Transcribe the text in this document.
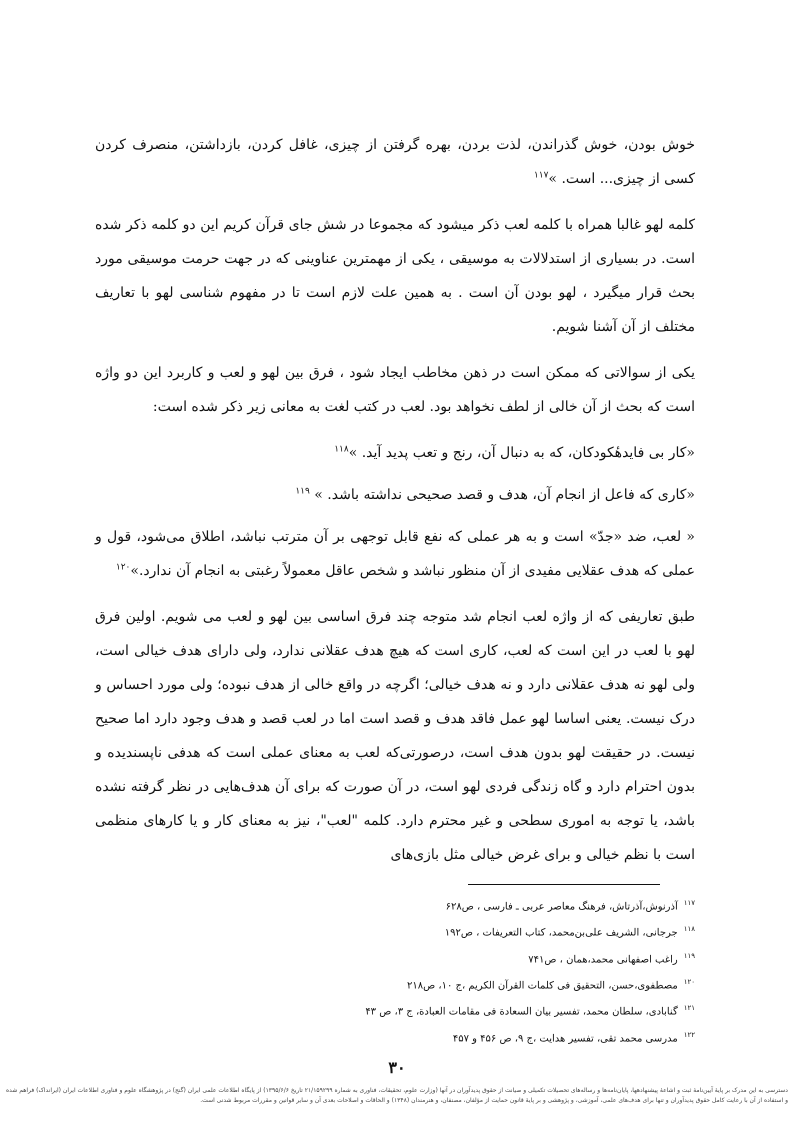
خوش بودن، خوش گذراندن، لذت بردن، بهره گرفتن از چیزی، غافل کردن، بازداشتن، منصرف کردن کسی از چیزی... است. »$^{۱۱۷}$

کلمه لهو غالبا همراه با کلمه لعب ذکر میشود که مجموعا در شش جای قرآن کریم این دو کلمه ذکر شده است. در بسیاری از استدلالات به موسیقی ، یکی از مهمترین عناوینی که در جهت حرمت موسیقی مورد بحث قرار میگیرد ، لهو بودن آن است . به همین علت لازم است تا در مفهوم شناسی لهو با تعاریف مختلف از آن آشنا شویم.

یکی از سوالاتی که ممکن است در ذهن مخاطب ایجاد شود ، فرق بین لهو و لعب و کاربرد این دو واژه است که بحث از آن خالی از لطف نخواهد بود. لعب در کتب لغت به معانی زیر ذکر شده است:

«کار بی فایدهٔکودکان، که به دنبال آن، رنج و تعب پدید آید. »$^{۱۱۸}$

«کاری که فاعل از انجام آن، هدف و قصد صحیحی نداشته باشد. » $^{۱۱۹}$

« لعب، ضد «جدّ» است و به هر عملی که نفع قابل توجهی بر آن مترتب نباشد، اطلاق می‌شود، قول و عملی که هدف عقلایی مفیدی از آن منظور نباشد و شخص عاقل معمولاً رغبتی به انجام آن ندارد.»$^{۱۲۰}$

طبق تعاریفی که از واژه لعب انجام شد متوجه چند فرق اساسی بین لهو و لعب می شویم. اولین فرق لهو با لعب در این است که لعب، کاری است که هیچ هدف عقلانی ندارد، ولی دارای هدف خیالی است، ولی لهو نه هدف عقلانی دارد و نه هدف خیالی؛ اگرچه در واقع خالی از هدف نبوده؛ ولی مورد احساس و درک نیست. یعنی اساسا لهو عمل فاقد هدف و قصد است اما در لعب قصد و هدف وجود دارد اما صحیح نیست. در حقیقت لهو بدون هدف است، درصورتی‌که لعب به معنای عملی است که هدفی ناپسندیده و بدون احترام دارد و گاه زندگی فردی لهو است، در آن صورت که برای آن هدف‌هایی در نظر گرفته نشده باشد، یا توجه به اموری سطحی و غیر محترم دارد. کلمه "لعب"، نیز به معنای کار و یا کارهای منظمی است با نظم خیالی و برای غرض خیالی مثل بازی‌های

$^{۱۱۷}$آذرنوش،آذرتاش، فرهنگ معاصر عربی ـ فارسی ، ص۶۲۸
$^{۱۱۸}$جرجانی، الشریف علی‌بن‌محمد، کتاب التعریفات ، ص۱۹۲
$^{۱۱۹}$راغب اصفهانی محمد،همان ، ص۷۴۱
$^{۱۲۰}$مصطفوی،حسن، التحقیق فی کلمات القرآن الکریم ،ج ۱۰، ص۲۱۸
$^{۱۲۱}$گنابادی، سلطان محمد، تفسیر بیان السعادة فی مقامات العبادة، ج ۳، ص ۴۳
$^{۱۲۲}$مدرسی محمد تقی، تفسیر هدایت ،ج ۹، ص ۴۵۶ و ۴۵۷
۳۰
دسترسی به این مدرک بر پایهٔ آیین‌نامهٔ ثبت و اشاعهٔ پیشنهادهها، پایان‌نامه‌ها و رساله‌های تحصیلات تکمیلی و صیانت از حقوق پدیدآوران در آنها (وزارت علوم، تحقیقات، فناوری به شماره ۲۱/۱۵۹۲۹۹ تاریخ ۱۳۹۵/۶/۶) از پایگاه اطلاعات علمی ایران (گنج) در پژوهشگاه علوم و فناوری اطلاعات ایران (ایرانداک) فراهم شده و استفاده از آن با رعایت کامل حقوق پدیدآوران و تنها برای هدف‌های علمی، آموزشی، و پژوهشی و بر پایهٔ قانون حمایت از مؤلفان، مصنفان، و هنرمندان (۱۳۴۸) و الحاقات و اصلاحات بعدی آن و سایر قوانین و مقررات مربوط شدنی است.
